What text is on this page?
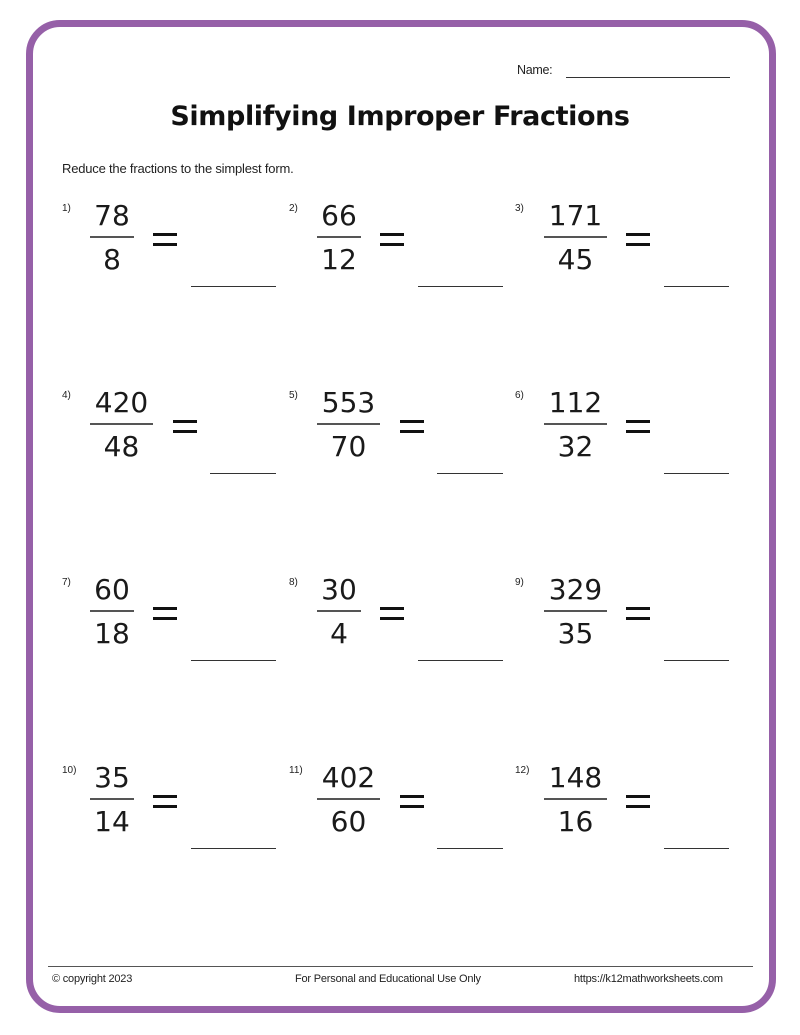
Name:
Simplifying Improper Fractions
Reduce the fractions to the simplest form.
1) 78
8
2) 66
12
3) 171
45
4) 420
48
5) 553
70
6) 112
32
7) 60
18
8) 30
4
9) 329
35
10) 35
14
11) 402
60
12) 148
16
© copyright 2023	For Personal and Educational Use Only	https://k12mathworksheets.com
